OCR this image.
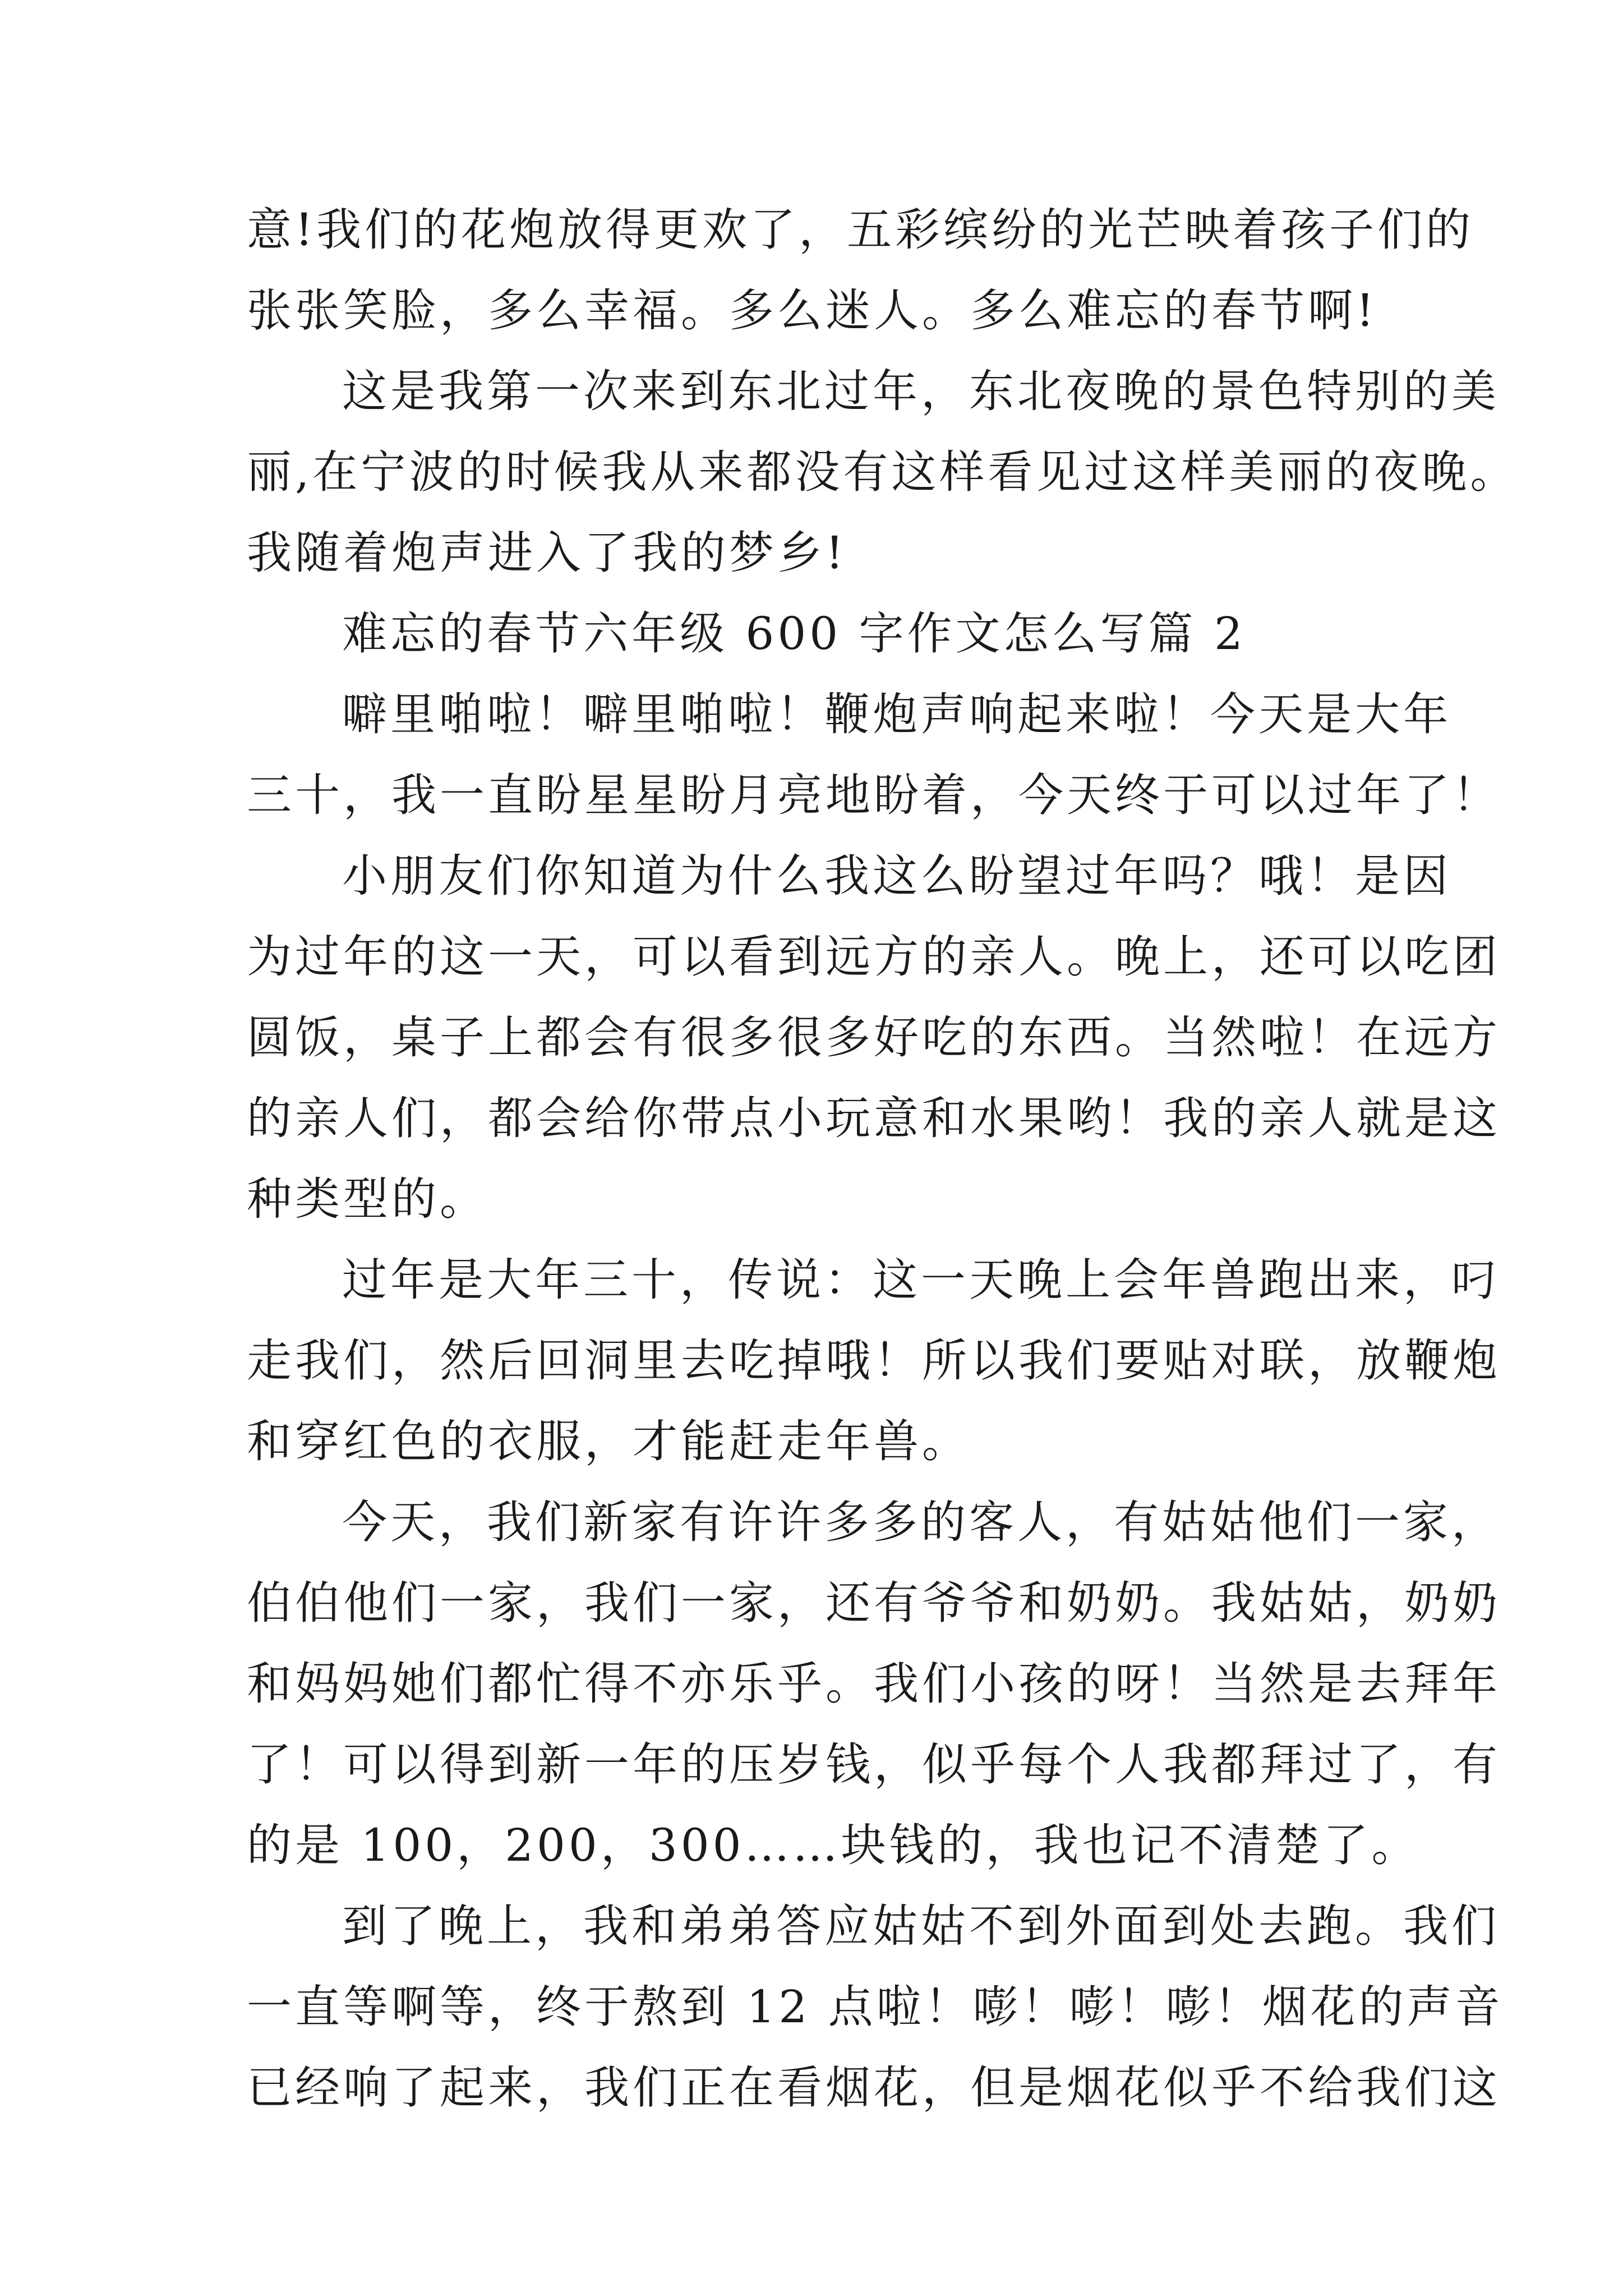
意!我们的花炮放得更欢了，五彩缤纷的光芒映着孩子们的
张张笑脸，多么幸福。多么迷人。多么难忘的春节啊!
这是我第一次来到东北过年，东北夜晚的景色特别的美
丽,在宁波的时候我从来都没有这样看见过这样美丽的夜晚。
我随着炮声进入了我的梦乡!
难忘的春节六年级 600 字作文怎么写篇 2
噼里啪啦！噼里啪啦！鞭炮声响起来啦！今天是大年
三十，我一直盼星星盼月亮地盼着，今天终于可以过年了！
小朋友们你知道为什么我这么盼望过年吗？哦！是因
为过年的这一天，可以看到远方的亲人。晚上，还可以吃团
圆饭，桌子上都会有很多很多好吃的东西。当然啦！在远方
的亲人们，都会给你带点小玩意和水果哟！我的亲人就是这
种类型的。
过年是大年三十，传说：这一天晚上会年兽跑出来，叼
走我们，然后回洞里去吃掉哦！所以我们要贴对联，放鞭炮
和穿红色的衣服，才能赶走年兽。
今天，我们新家有许许多多的客人，有姑姑他们一家，
伯伯他们一家，我们一家，还有爷爷和奶奶。我姑姑，奶奶
和妈妈她们都忙得不亦乐乎。我们小孩的呀！当然是去拜年
了！可以得到新一年的压岁钱，似乎每个人我都拜过了，有
的是 100，200，300……块钱的，我也记不清楚了。
到了晚上，我和弟弟答应姑姑不到外面到处去跑。我们
一直等啊等，终于熬到 12 点啦！嘭！嘭！嘭！烟花的声音
已经响了起来，我们正在看烟花，但是烟花似乎不给我们这
